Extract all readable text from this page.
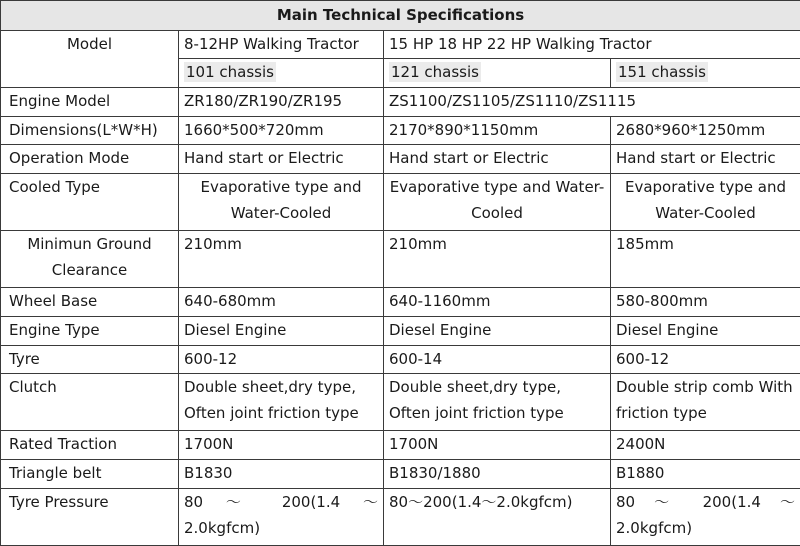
Main Technical Specifications			
Model	8-12HP Walking Tractor	15 HP 18 HP 22 HP Walking Tractor	
	101 chassis	121 chassis	151 chassis
Engine Model	ZR180/ZR190/ZR195	ZS1100/ZS1105/ZS1110/ZS1115	
Dimensions(L*W*H)	1660*500*720mm	2170*890*1150mm	2680*960*1250mm
Operation Mode	Hand start or Electric	Hand start or Electric	Hand start or Electric
Cooled Type	Evaporative type and Water-Cooled	Evaporative type and Water-Cooled	Evaporative type and Water-Cooled
Minimun Ground Clearance	210mm	210mm	185mm
Wheel Base	640-680mm	640-1160mm	580-800mm
Engine Type	Diesel Engine	Diesel Engine	Diesel Engine
Tyre	600-12	600-14	600-12
Clutch	Double sheet,dry type, Often joint friction type	Double sheet,dry type, Often joint friction type	Double strip comb With friction type
Rated Traction	1700N	1700N	2400N
Triangle belt	B1830	B1830/1880	B1880
Tyre Pressure	80 ～ 200(1.4 ～ 2.0kgfcm)	80～200(1.4～2.0kgfcm)	80 ～ 200(1.4 ～ 2.0kgfcm)
